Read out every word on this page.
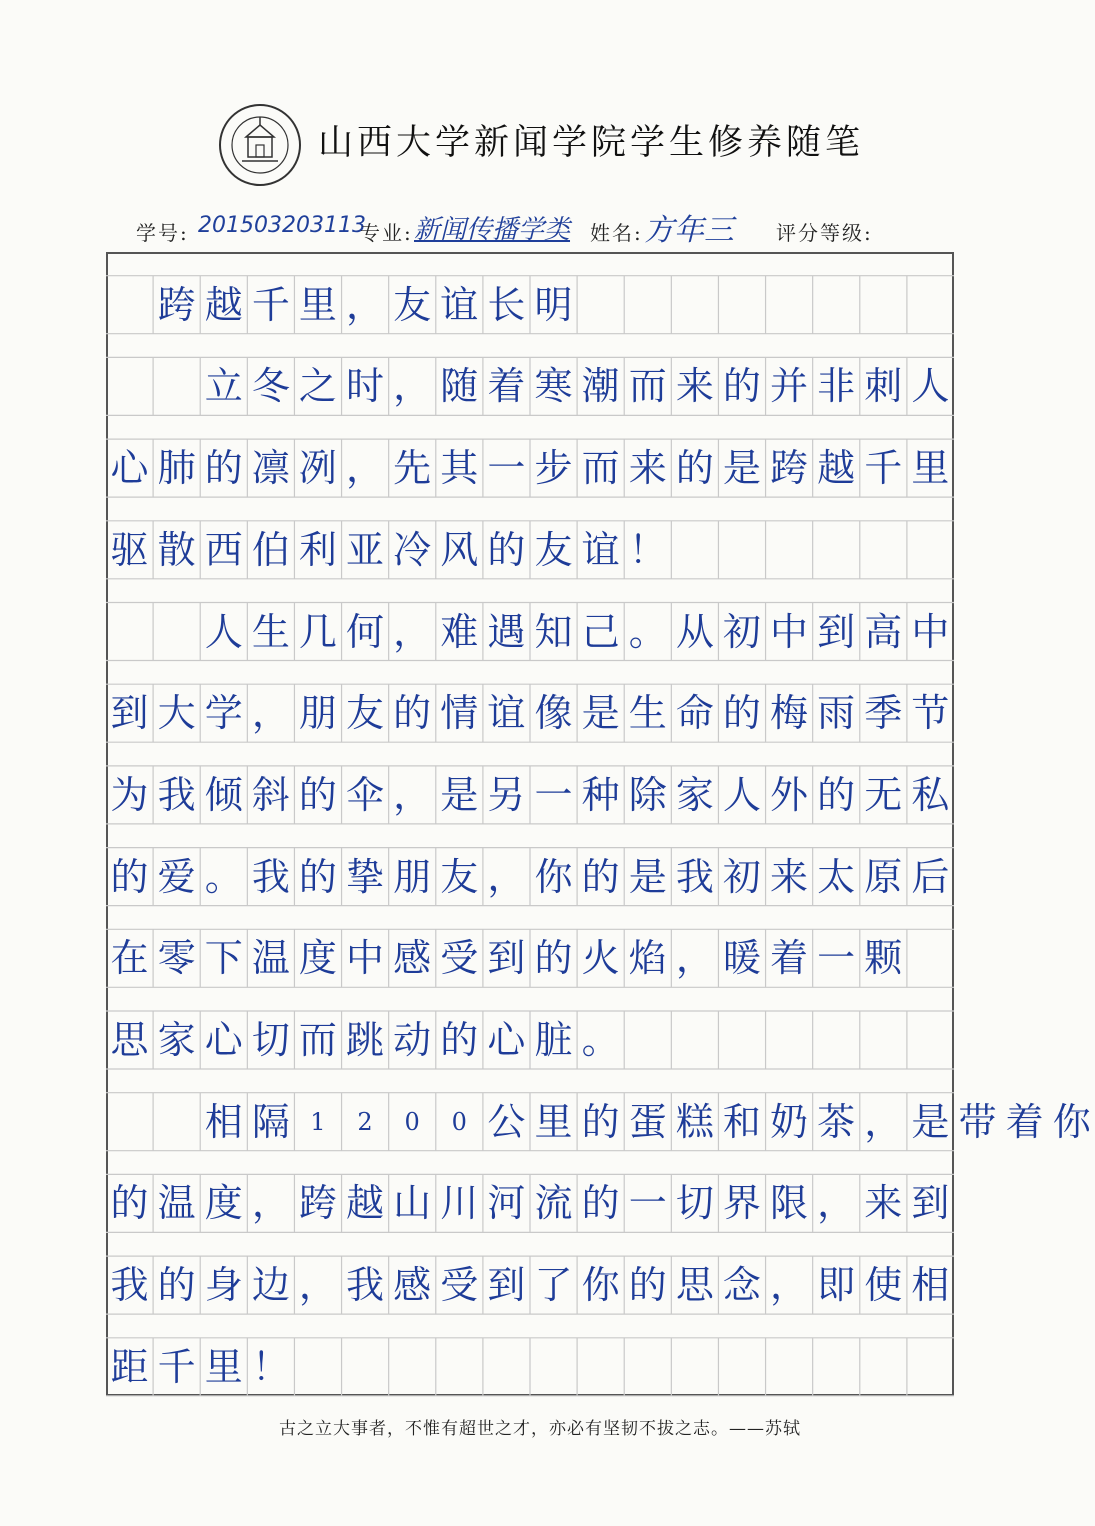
山西大学新闻学院学生修养随笔
学号: 201503203113
专业: 新闻传播学类 姓名: 方年三 评分等级:
跨 越 千 里 ， 友 谊 长 明
立 冬 之 时 ， 随 着 寒 潮 而 来 的 并 非 刺 人
心 肺 的 凛 冽 ， 先 其 一 步 而 来 的 是 跨 越 千 里
驱 散 西 伯 利 亚 冷 风 的 友 谊 ！
人 生 几 何 ， 难 遇 知 己 。 从 初 中 到 高 中
到 大 学 ， 朋 友 的 情 谊 像 是 生 命 的 梅 雨 季 节
为 我 倾 斜 的 伞 ， 是 另 一 种 除 家 人 外 的 无 私
的 爱 。 我 的 挚 朋 友 ， 你 的 是 我 初 来 太 原 后
在 零 下 温 度 中 感 受 到 的 火 焰 ， 暖 着 一 颗
思 家 心 切 而 跳 动 的 心 脏 。
相 隔 1	2	0	0 公 里 的 蛋 糕 和 奶 茶 ， 是 带 着 你
的 温 度 ， 跨 越 山 川 河 流 的 一 切 界 限 ， 来 到
我 的 身 边 ， 我 感 受 到 了 你 的 思 念 ， 即 使 相
距 千 里 ！
古之立大事者，不惟有超世之才，亦必有坚韧不拔之志。——苏轼
